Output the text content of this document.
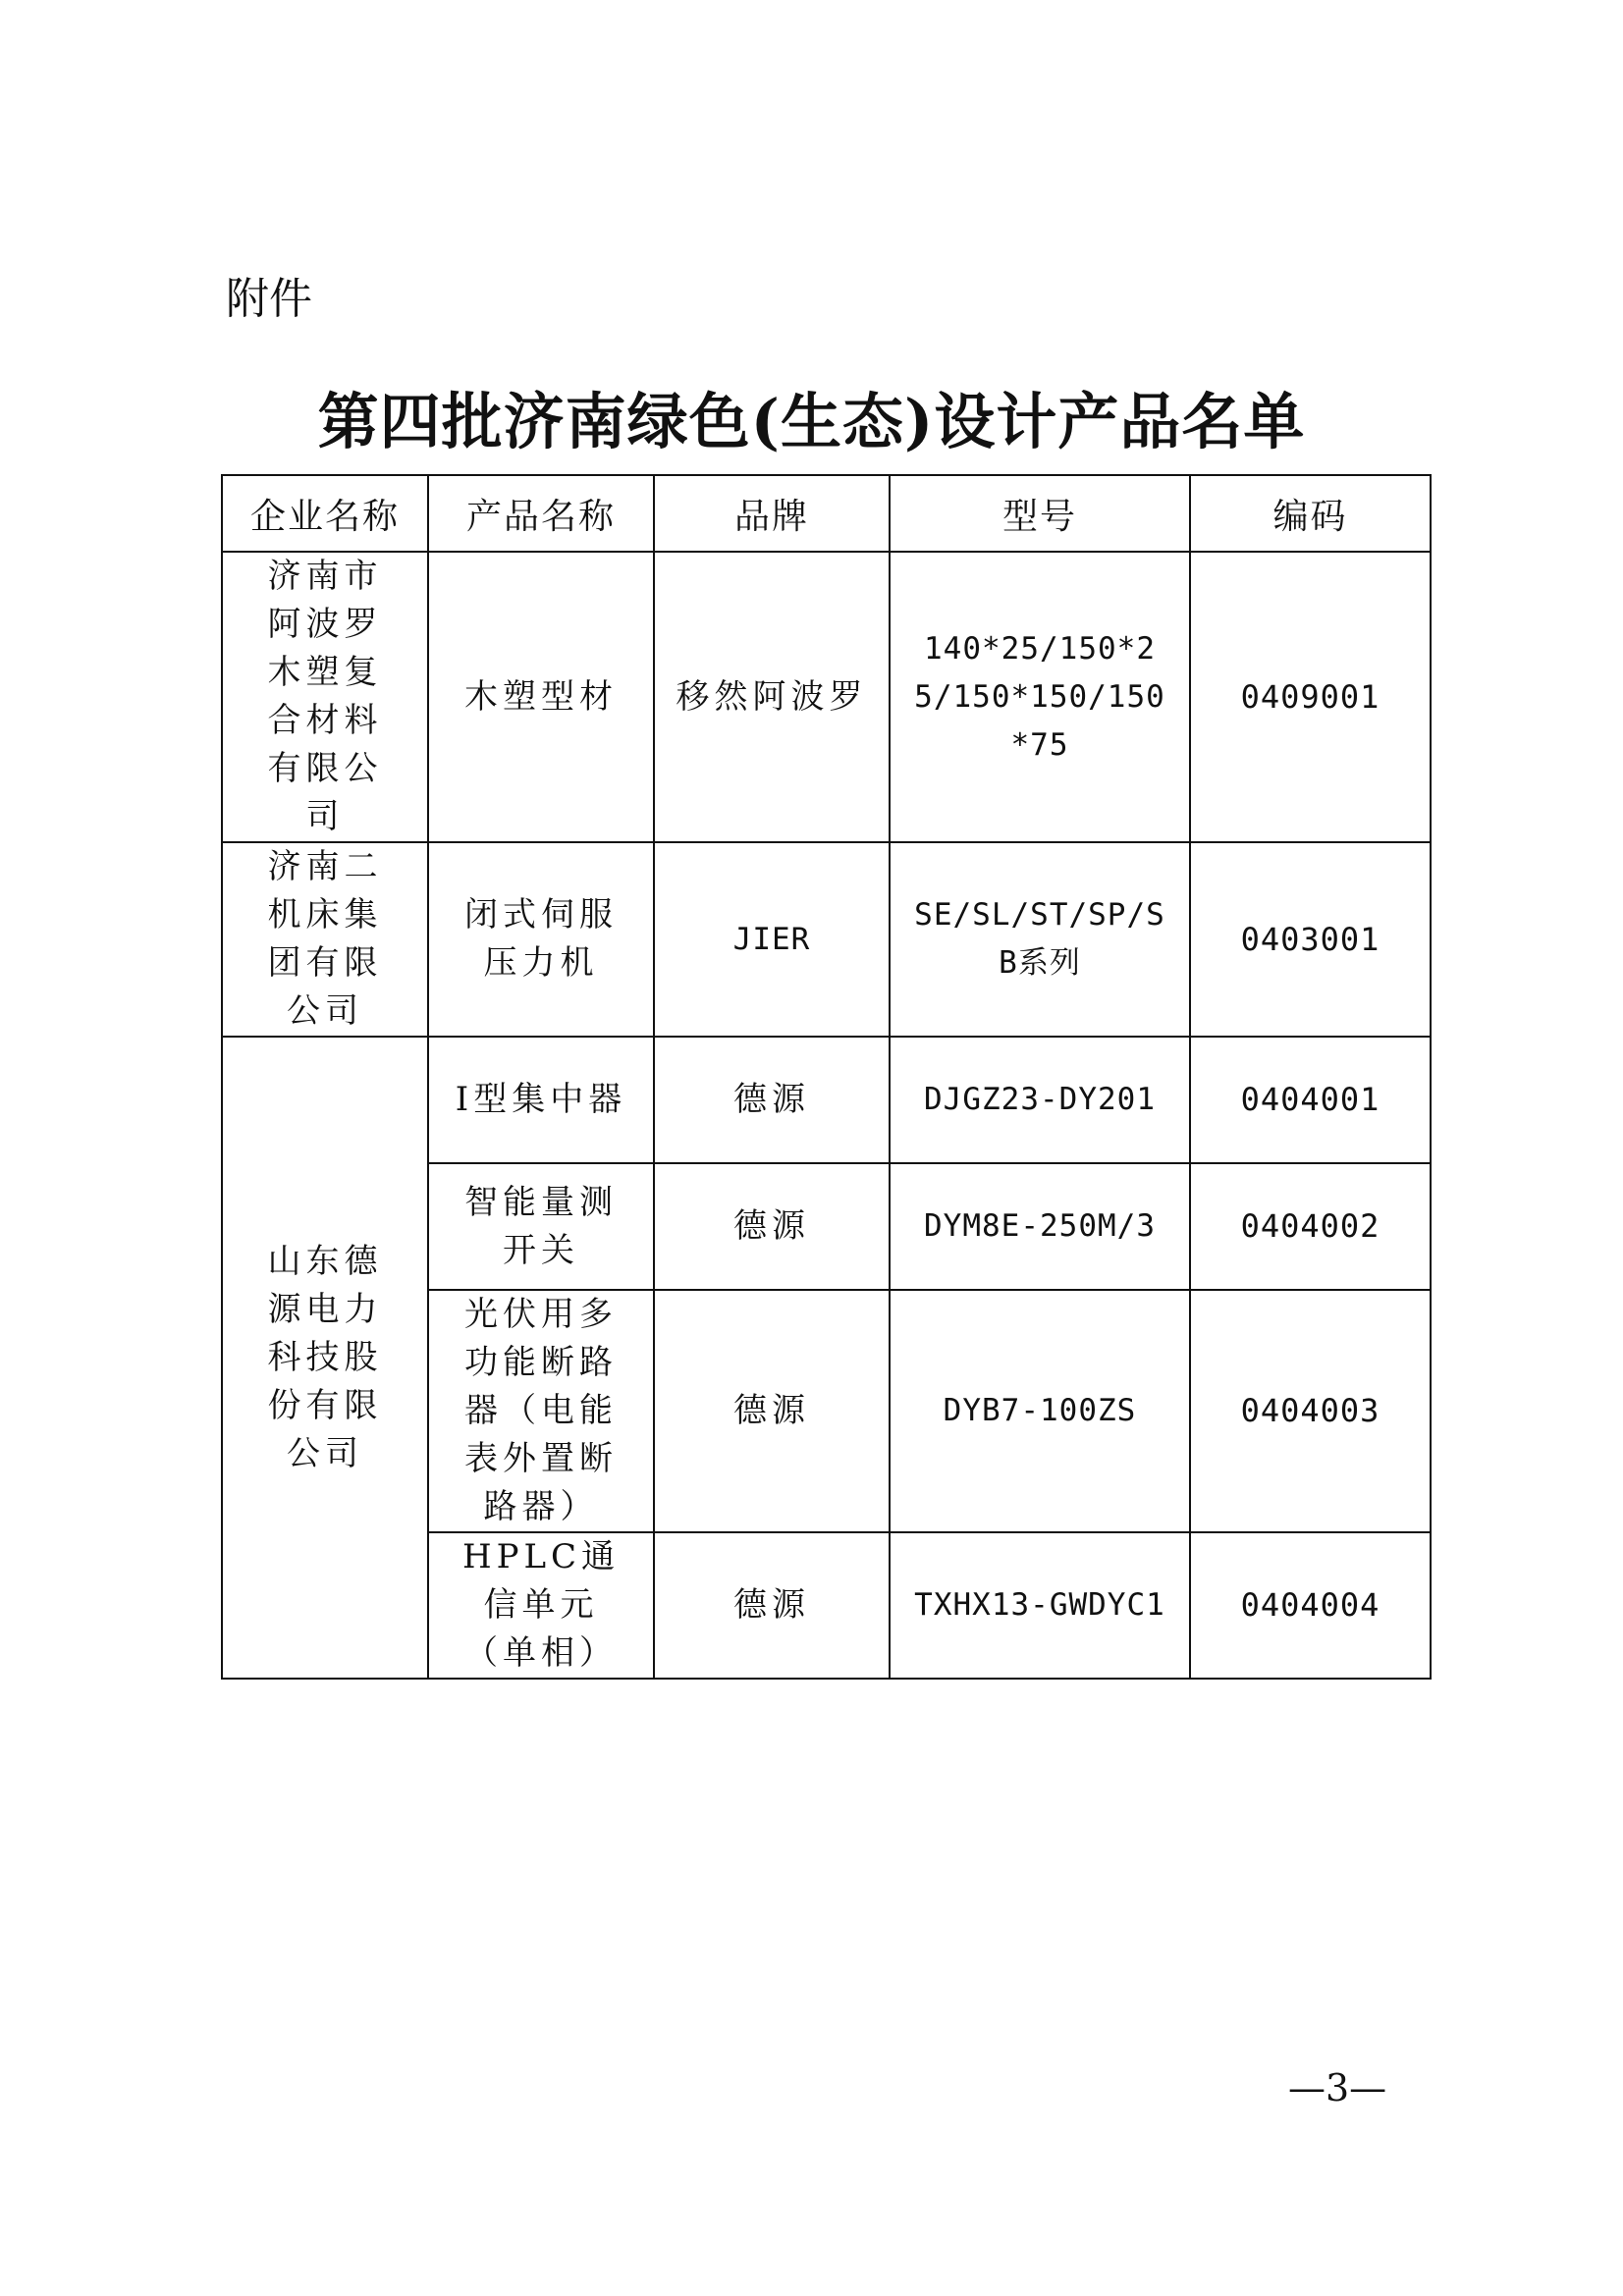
附件
第四批济南绿色(生态)设计产品名单
企业名称	产品名称	品牌	型号	编码
济南市阿波罗木塑复合材料有限公司	木塑型材	移然阿波罗	140*25/150*25/150*150/150*75	0409001
济南二机床集团有限公司	闭式伺服压力机	JIER	SE/SL/ST/SP/SB系列	0403001
山东德源电力科技股份有限公司	I型集中器	德源	DJGZ23-DY201	0404001
	智能量测开关	德源	DYM8E-250M/3	0404002
	光伏用多功能断路器（电能表外置断路器）	德源	DYB7-100ZS	0404003
	HPLC通信单元（单相）	德源	TXHX13-GWDYC1	0404004
—3—
